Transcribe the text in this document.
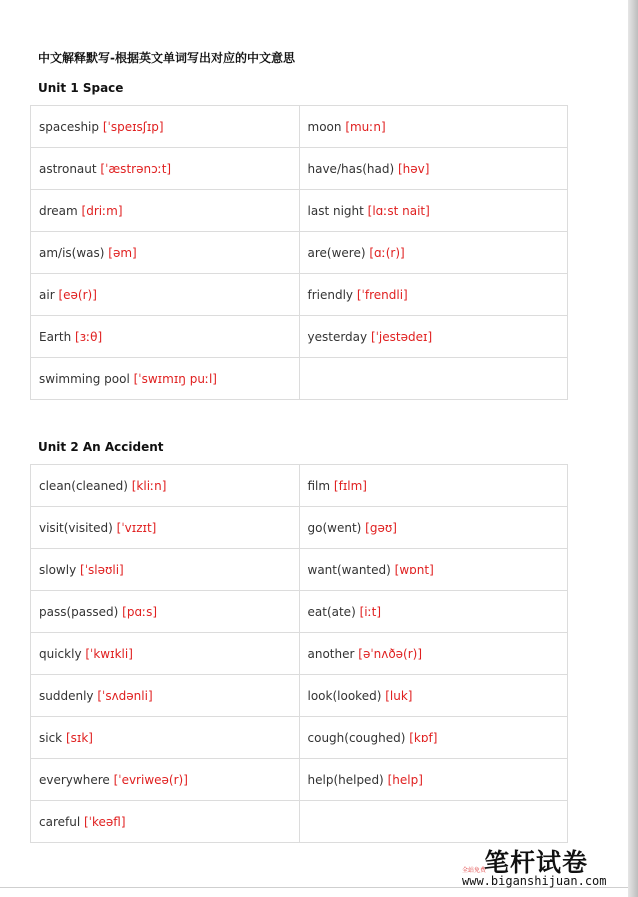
中文解释默写-根据英文单词写出对应的中文意思
Unit 1 Space
spaceship [ˈspeɪsʃɪp]	moon [muːn]
astronaut [ˈæstrənɔːt]	have/has(had) [həv]
dream [driːm]	last night [lɑːst nait]
am/is(was) [əm]	are(were) [ɑː(r)]
air [eə(r)]	friendly [ˈfrendli]
Earth [ɜːθ]	yesterday [ˈjestədeɪ]
swimming pool [ˈswɪmɪŋ puːl]	
Unit 2 An Accident
clean(cleaned) [kliːn]	film [fɪlm]
visit(visited) [ˈvɪzɪt]	go(went) [gəʊ]
slowly [ˈsləʊli]	want(wanted) [wɒnt]
pass(passed) [pɑːs]	eat(ate) [iːt]
quickly [ˈkwɪkli]	another [əˈnʌðə(r)]
suddenly [ˈsʌdənli]	look(looked) [luk]
sick [sɪk]	cough(coughed) [kɒf]
everywhere [ˈevriweə(r)]	help(helped) [help]
careful [ˈkeəfl]	
全站免费
笔杆试卷
www.biganshijuan.com
